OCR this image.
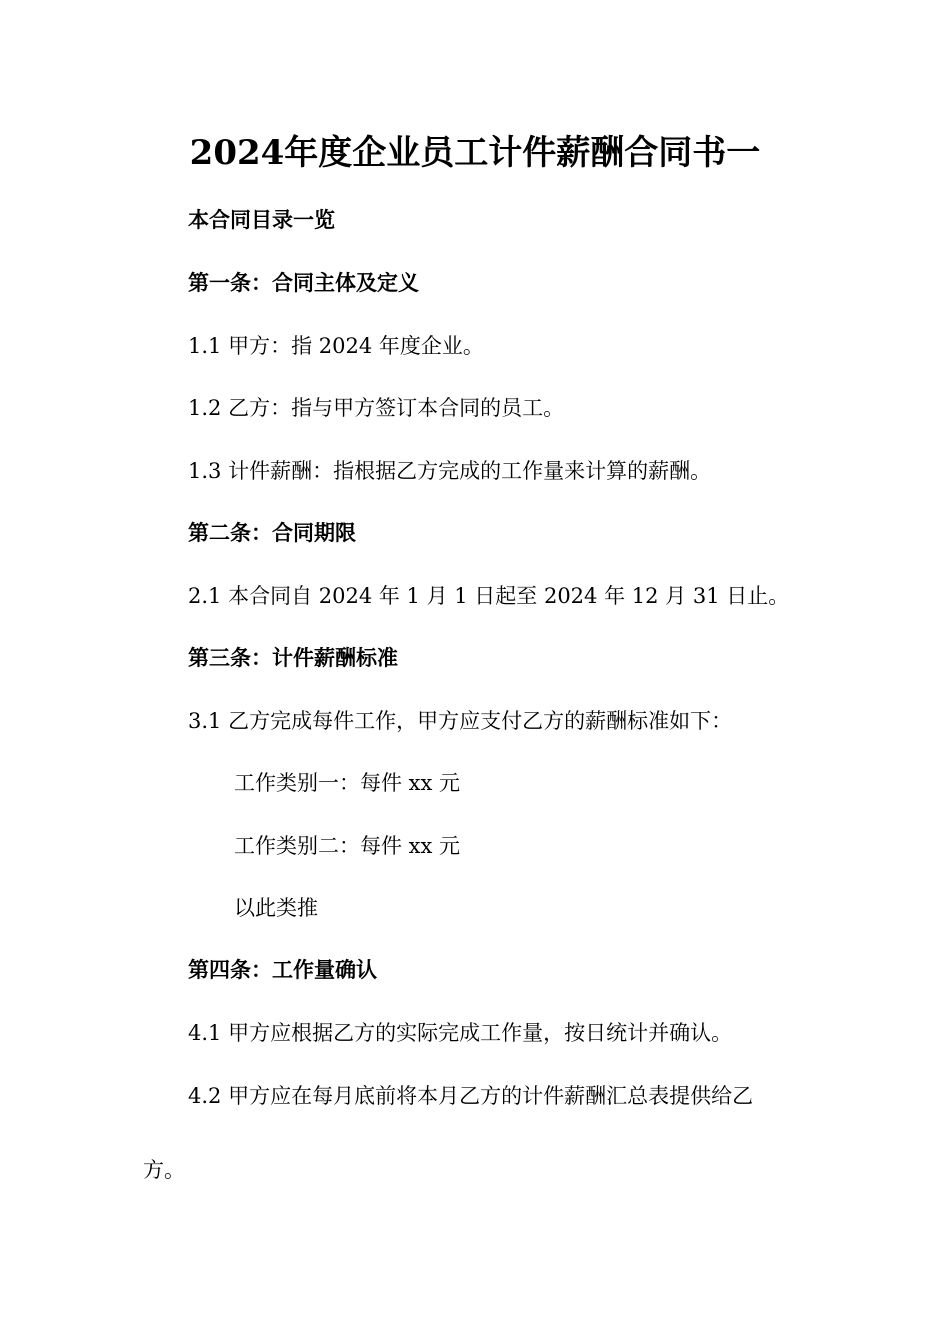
2024年度企业员工计件薪酬合同书一
本合同目录一览
第一条：合同主体及定义
1.1 甲方：指 2024 年度企业。
1.2 乙方：指与甲方签订本合同的员工。
1.3 计件薪酬：指根据乙方完成的工作量来计算的薪酬。
第二条：合同期限
2.1 本合同自 2024 年 1 月 1 日起至 2024 年 12 月 31 日止。
第三条：计件薪酬标准
3.1 乙方完成每件工作，甲方应支付乙方的薪酬标准如下：
工作类别一：每件 xx 元
工作类别二：每件 xx 元
以此类推
第四条：工作量确认
4.1 甲方应根据乙方的实际完成工作量，按日统计并确认。
4.2 甲方应在每月底前将本月乙方的计件薪酬汇总表提供给乙
方。
